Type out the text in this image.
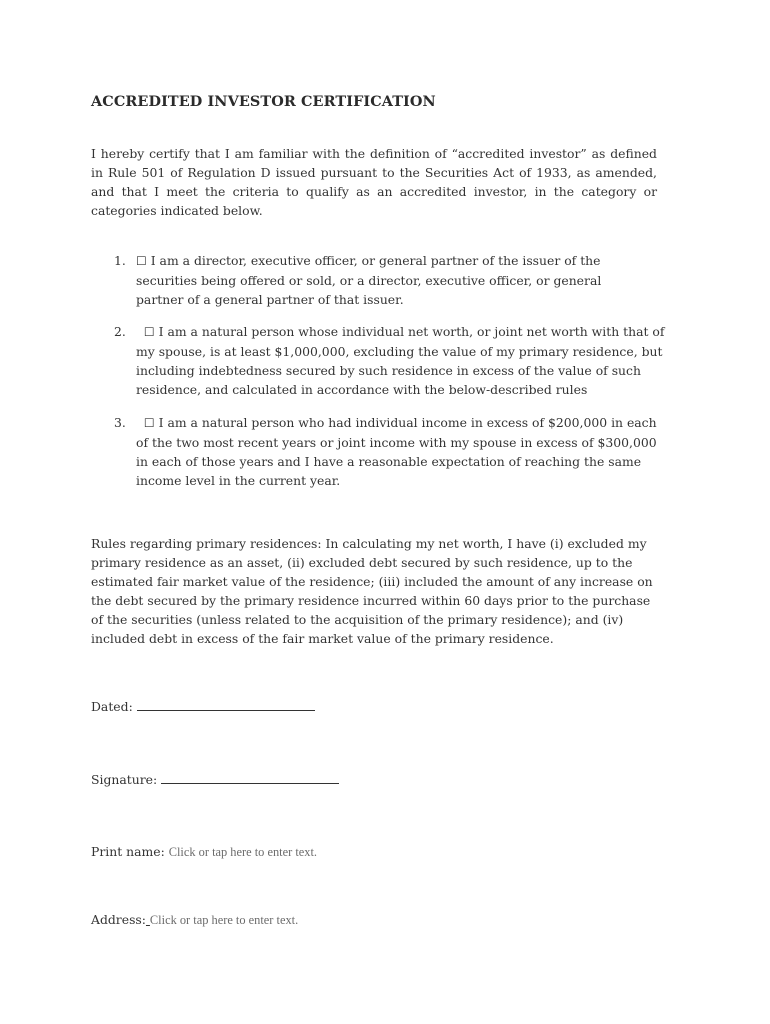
ACCREDITED INVESTOR CERTIFICATION

I hereby certify that I am familiar with the definition of “accredited investor” as defined in Rule 501 of Regulation D issued pursuant to the Securities Act of 1933, as amended, and that I meet the criteria to qualify as an accredited investor, in the category or categories indicated below.

1. ☐ I am a director, executive officer, or general partner of the issuer of the securities being offered or sold, or a director, executive officer, or general partner of a general partner of that issuer.
2.	☐ I am a natural person whose individual net worth, or joint net worth with that of my spouse, is at least $1,000,000, excluding the value of my primary residence, but including indebtedness secured by such residence in excess of the value of such residence, and calculated in accordance with the below-described rules
3.	☐ I am a natural person who had individual income in excess of $200,000 in each of the two most recent years or joint income with my spouse in excess of $300,000 in each of those years and I have a reasonable expectation of reaching the same income level in the current year.

Rules regarding primary residences: In calculating my net worth, I have (i) excluded my primary residence as an asset, (ii) excluded debt secured by such residence, up to the estimated fair market value of the residence; (iii) included the amount of any increase on the debt secured by the primary residence incurred within 60 days prior to the purchase of the securities (unless related to the acquisition of the primary residence); and (iv) included debt in excess of the fair market value of the primary residence.

Dated:
Signature:
Print name: Click or tap here to enter text.
Address: Click or tap here to enter text.
